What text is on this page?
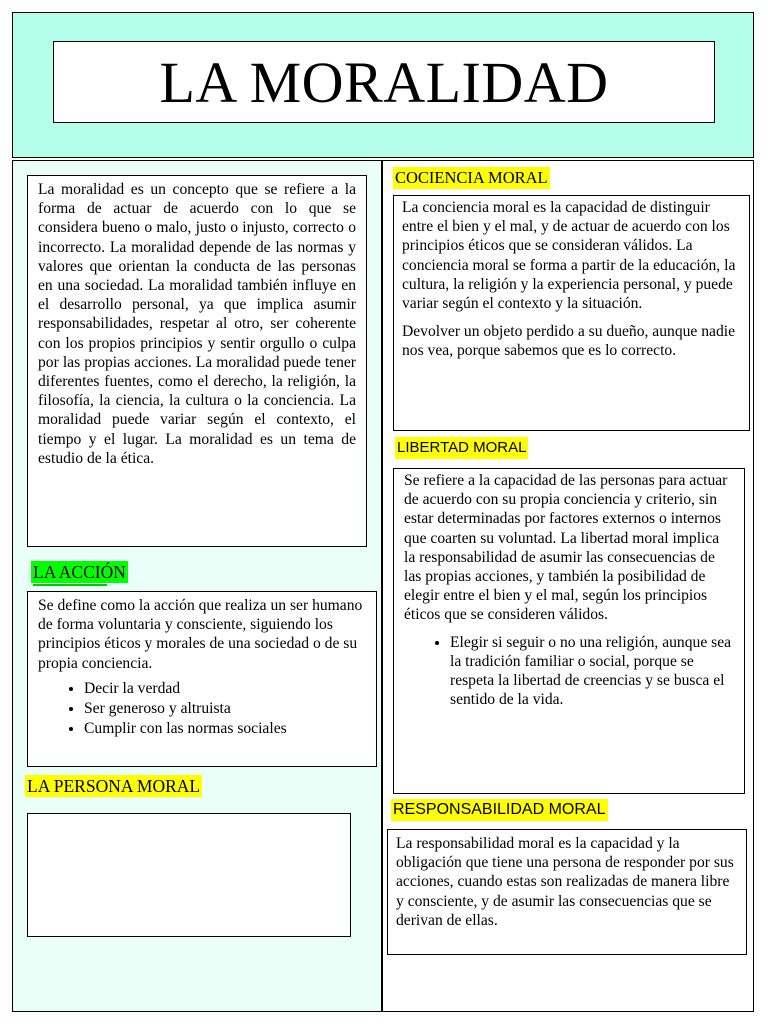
LA MORALIDAD

La moralidad es un concepto que se refiere a la forma de actuar de acuerdo con lo que se considera bueno o malo, justo o injusto, correcto o incorrecto. La moralidad depende de las normas y valores que orientan la conducta de las personas en una sociedad. La moralidad también influye en el desarrollo personal, ya que implica asumir responsabilidades, respetar al otro, ser coherente con los propios principios y sentir orgullo o culpa por las propias acciones. La moralidad puede tener diferentes fuentes, como el derecho, la religión, la filosofía, la ciencia, la cultura o la conciencia. La moralidad puede variar según el contexto, el tiempo y el lugar. La moralidad es un tema de estudio de la ética.

LA ACCIÓN

Se define como la acción que realiza un ser humano de forma voluntaria y consciente, siguiendo los principios éticos y morales de una sociedad o de su propia conciencia.

• Decir la verdad
• Ser generoso y altruista
• Cumplir con las normas sociales
LA PERSONA MORAL
COCIENCIA MORAL

La conciencia moral es la capacidad de distinguir entre el bien y el mal, y de actuar de acuerdo con los principios éticos que se consideran válidos. La conciencia moral se forma a partir de la educación, la cultura, la religión y la experiencia personal, y puede variar según el contexto y la situación.

Devolver un objeto perdido a su dueño, aunque nadie nos vea, porque sabemos que es lo correcto.

LIBERTAD MORAL

Se refiere a la capacidad de las personas para actuar de acuerdo con su propia conciencia y criterio, sin estar determinadas por factores externos o internos que coarten su voluntad. La libertad moral implica la responsabilidad de asumir las consecuencias de las propias acciones, y también la posibilidad de elegir entre el bien y el mal, según los principios éticos que se consideren válidos.

• Elegir si seguir o no una religión, aunque sea la tradición familiar o social, porque se respeta la libertad de creencias y se busca el sentido de la vida.
RESPONSABILIDAD MORAL

La responsabilidad moral es la capacidad y la obligación que tiene una persona de responder por sus acciones, cuando estas son realizadas de manera libre y consciente, y de asumir las consecuencias que se derivan de ellas.
